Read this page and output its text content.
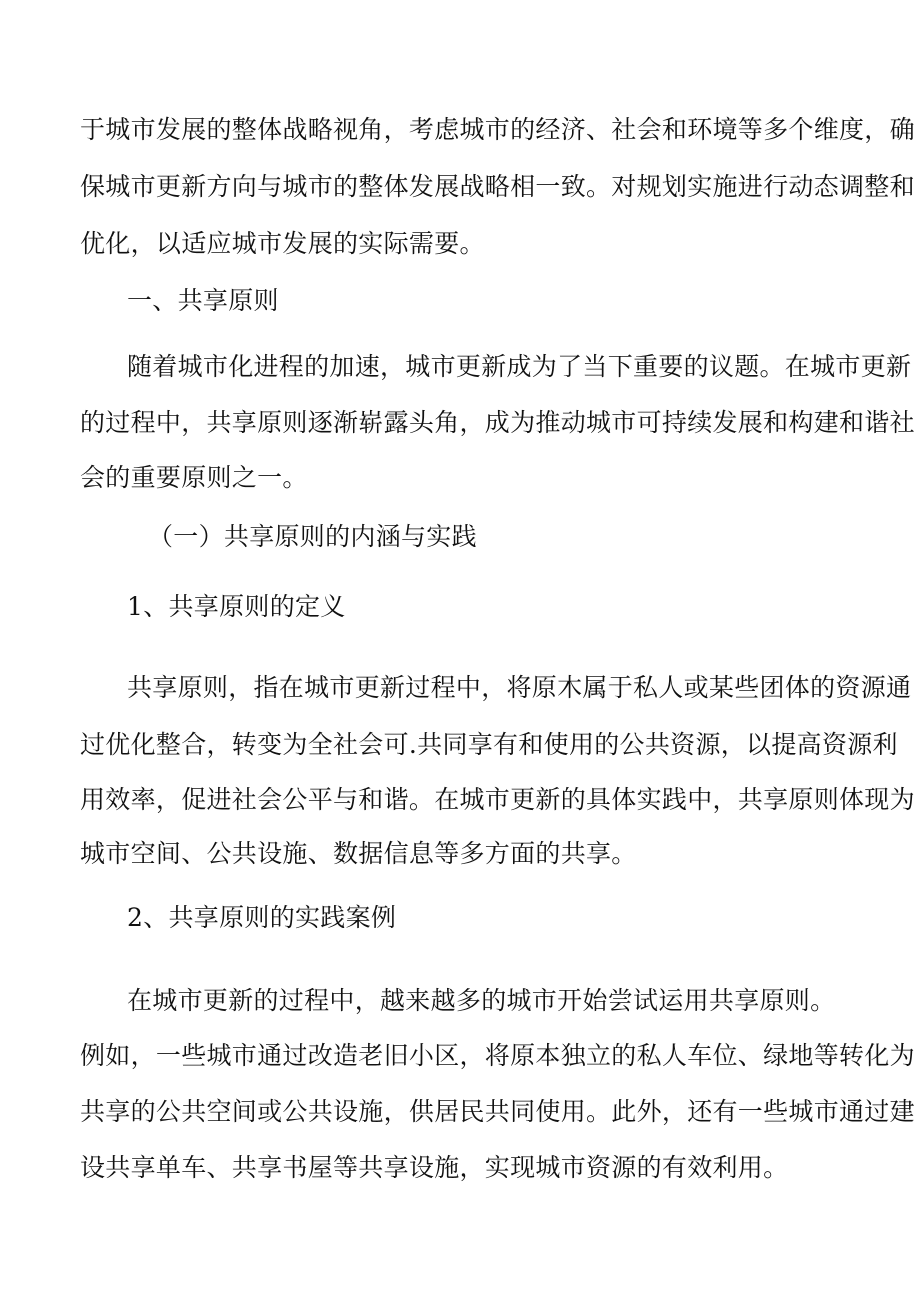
于城市发展的整体战略视角，考虑城市的经济、社会和环境等多个维度，确
保城市更新方向与城市的整体发展战略相一致。对规划实施进行动态调整和
优化，以适应城市发展的实际需要。
一、共享原则
随着城市化进程的加速，城市更新成为了当下重要的议题。在城市更新
的过程中，共享原则逐渐崭露头角，成为推动城市可持续发展和构建和谐社
会的重要原则之一。
（一）共享原则的内涵与实践
1、共享原则的定义
共享原则，指在城市更新过程中，将原木属于私人或某些团体的资源通
过优化整合，转变为全社会可.共同享有和使用的公共资源，以提高资源利
用效率，促进社会公平与和谐。在城市更新的具体实践中，共享原则体现为
城市空间、公共设施、数据信息等多方面的共享。
2、共享原则的实践案例
在城市更新的过程中，越来越多的城市开始尝试运用共享原则。
例如，一些城市通过改造老旧小区，将原本独立的私人车位、绿地等转化为
共享的公共空间或公共设施，供居民共同使用。此外，还有一些城市通过建
设共享单车、共享书屋等共享设施，实现城市资源的有效利用。
